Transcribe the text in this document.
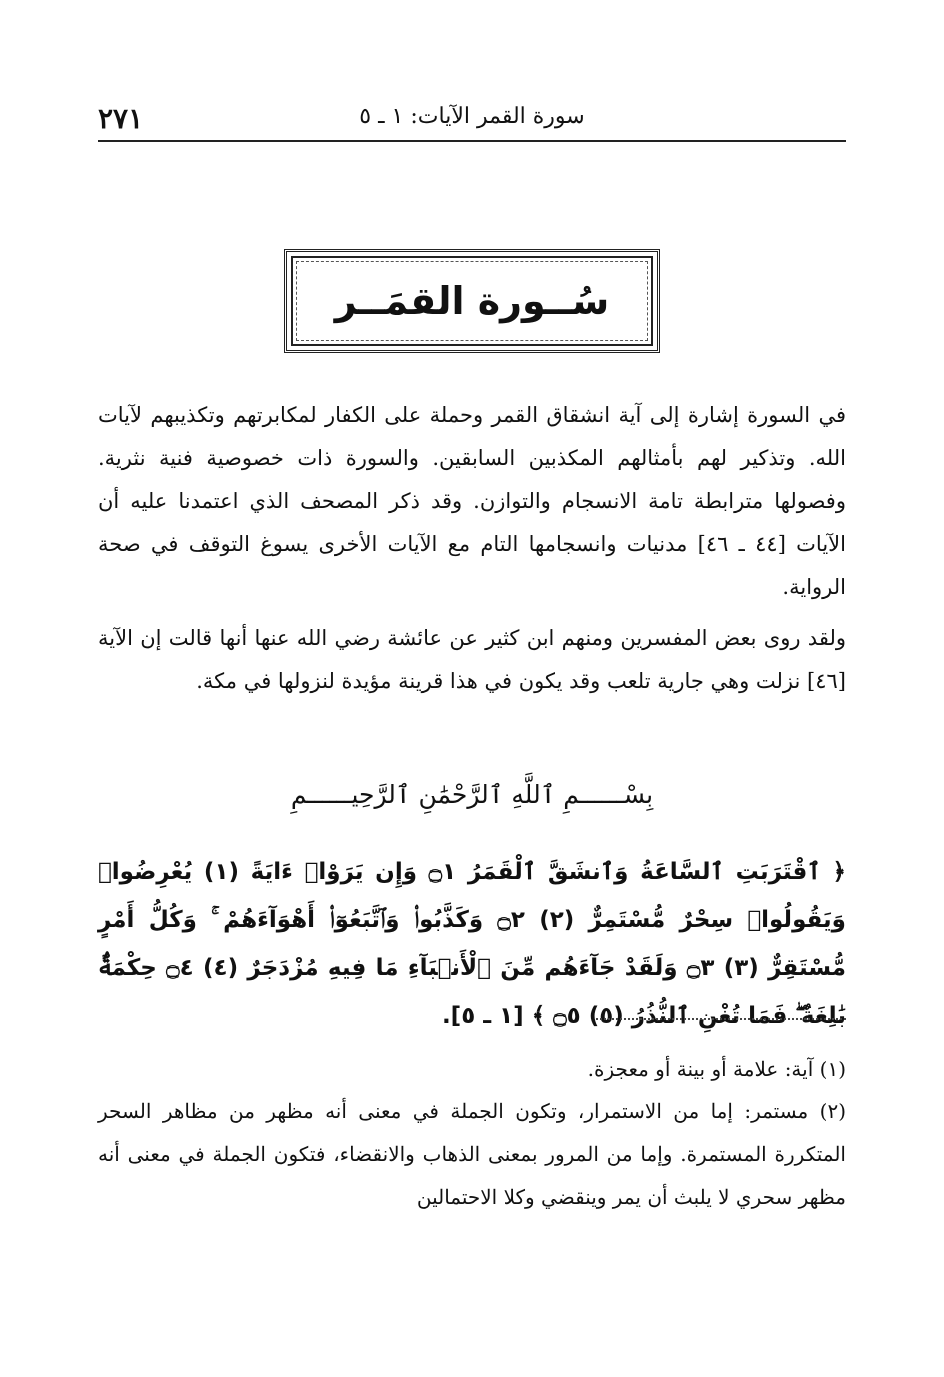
سورة القمر الآيات: ١ ـ ٥
٢٧١
سُــورة القمَــر

في السورة إشارة إلى آية انشقاق القمر وحملة على الكفار لمكابرتهم وتكذيبهم لآيات الله. وتذكير لهم بأمثالهم المكذبين السابقين. والسورة ذات خصوصية فنية نثرية. وفصولها مترابطة تامة الانسجام والتوازن. وقد ذكر المصحف الذي اعتمدنا عليه أن الآيات [٤٤ ـ ٤٦] مدنيات وانسجامها التام مع الآيات الأخرى يسوغ التوقف في صحة الرواية.

ولقد روى بعض المفسرين ومنهم ابن كثير عن عائشة رضي الله عنها أنها قالت إن الآية [٤٦] نزلت وهي جارية تلعب وقد يكون في هذا قرينة مؤيدة لنزولها في مكة.

بِسْــــــمِ ٱللَّهِ ٱلرَّحْمَٰنِ ٱلرَّحِيــــــمِ

﴿ ٱقْتَرَبَتِ ٱلسَّاعَةُ وَٱنشَقَّ ٱلْقَمَرُ ۝١ وَإِن يَرَوْا۟ ءَايَةً (١) يُعْرِضُوا۟ وَيَقُولُوا۟ سِحْرٌ مُّسْتَمِرٌّ (٢) ۝٢ وَكَذَّبُوا۟ وَٱتَّبَعُوٓا۟ أَهْوَآءَهُمْ ۚ وَكُلُّ أَمْرٍ مُّسْتَقِرٌّ (٣) ۝٣ وَلَقَدْ جَآءَهُم مِّنَ ٱلْأَنۢبَآءِ مَا فِيهِ مُزْدَجَرٌ (٤) ۝٤ حِكْمَةٌۢ بَٰلِغَةٌ ۖ فَمَا تُغْنِ ٱلنُّذُرُ (٥) ۝٥ ﴾ [١ ـ ٥].

(١) آية: علامة أو بينة أو معجزة.

(٢) مستمر: إما من الاستمرار، وتكون الجملة في معنى أنه مظهر من مظاهر السحر المتكررة المستمرة. وإما من المرور بمعنى الذهاب والانقضاء، فتكون الجملة في معنى أنه مظهر سحري لا يلبث أن يمر وينقضي وكلا الاحتمالين
